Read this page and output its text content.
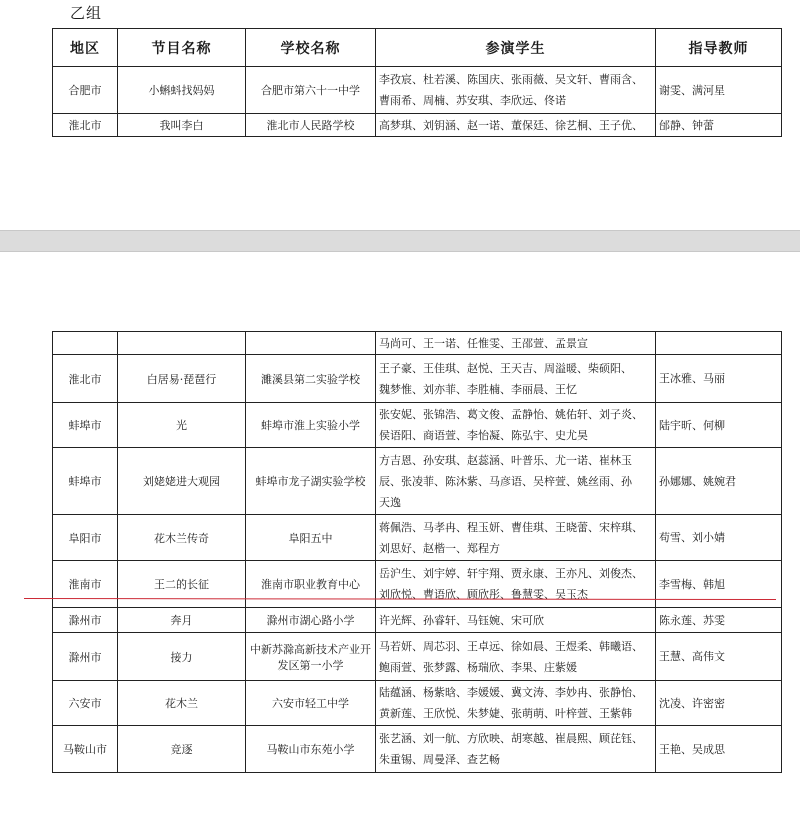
乙组
地区	节目名称	学校名称	参演学生	指导教师
合肥市	小蝌蚪找妈妈	合肥市第六十一中学	李孜宸、杜若溪、陈国庆、张雨薇、吴文轩、曹雨含、
曹雨希、周楠、苏安琪、李欣远、佟诺	谢雯、满河星

淮北市	我叫李白	淮北市人民路学校	高梦琪、刘钥涵、赵一诺、董保廷、徐艺桐、王子优、	邰静、钟蕾

			马尚可、王一诺、任惟雯、王邵萱、孟景宣	

淮北市	白居易·琵琶行	濉溪县第二实验学校	王子豪、王佳琪、赵悦、王天吉、周溢暖、柴硕阳、
魏梦惟、刘亦菲、李胜楠、李丽晨、王忆	王冰雅、马丽

蚌埠市	光	蚌埠市淮上实验小学	张安妮、张锦浩、葛文俊、孟静怡、姚佑轩、刘子炎、
侯语阳、商语萱、李怡凝、陈弘宇、史尤昊	陆宇昕、何柳

蚌埠市	刘姥姥进大观园	蚌埠市龙子湖实验学校	方吉恩、孙安琪、赵蕊涵、叶普乐、尤一诺、崔林玉
辰、张凌菲、陈沐紫、马彦语、吴梓萱、姚丝雨、孙
天逸	孙娜娜、姚婉君

阜阳市	花木兰传奇	阜阳五中	蒋佩浩、马孝冉、程玉妍、曹佳琪、王晓蕾、宋梓琪、
刘思好、赵楷一、郑程方	苟雪、刘小婧

淮南市	王二的长征	淮南市职业教育中心	岳沪生、刘宇婷、轩宇翔、贾永康、王亦凡、刘俊杰、
刘欣悦、曹语欣、顾欣彤、鲁慧雯、吴玉杰	李雪梅、韩旭

滁州市	奔月	滁州市湖心路小学	许光辉、孙睿轩、马钰婉、宋可欣	陈永莲、苏雯

滁州市	接力	中新苏滁高新技术产业开发区第一小学	马若妍、周芯羽、王卓远、徐如晨、王煜柔、韩曦语、
鲍雨萱、张梦露、杨瑞欣、李果、庄紫媛	王慧、高伟文

六安市	花木兰	六安市轻工中学	陆蕴涵、杨紫晗、李媛媛、冀文涛、李妙冉、张静怡、
黄新莲、王欣悦、朱梦婕、张萌萌、叶梓萱、王紫韩	沈凌、许密密

马鞍山市	竞逐	马鞍山市东苑小学	张艺涵、刘一航、方欣映、胡寒越、崔晨熙、顾芘钰、
朱重锡、周曼泽、查艺畅	王艳、吴成思
